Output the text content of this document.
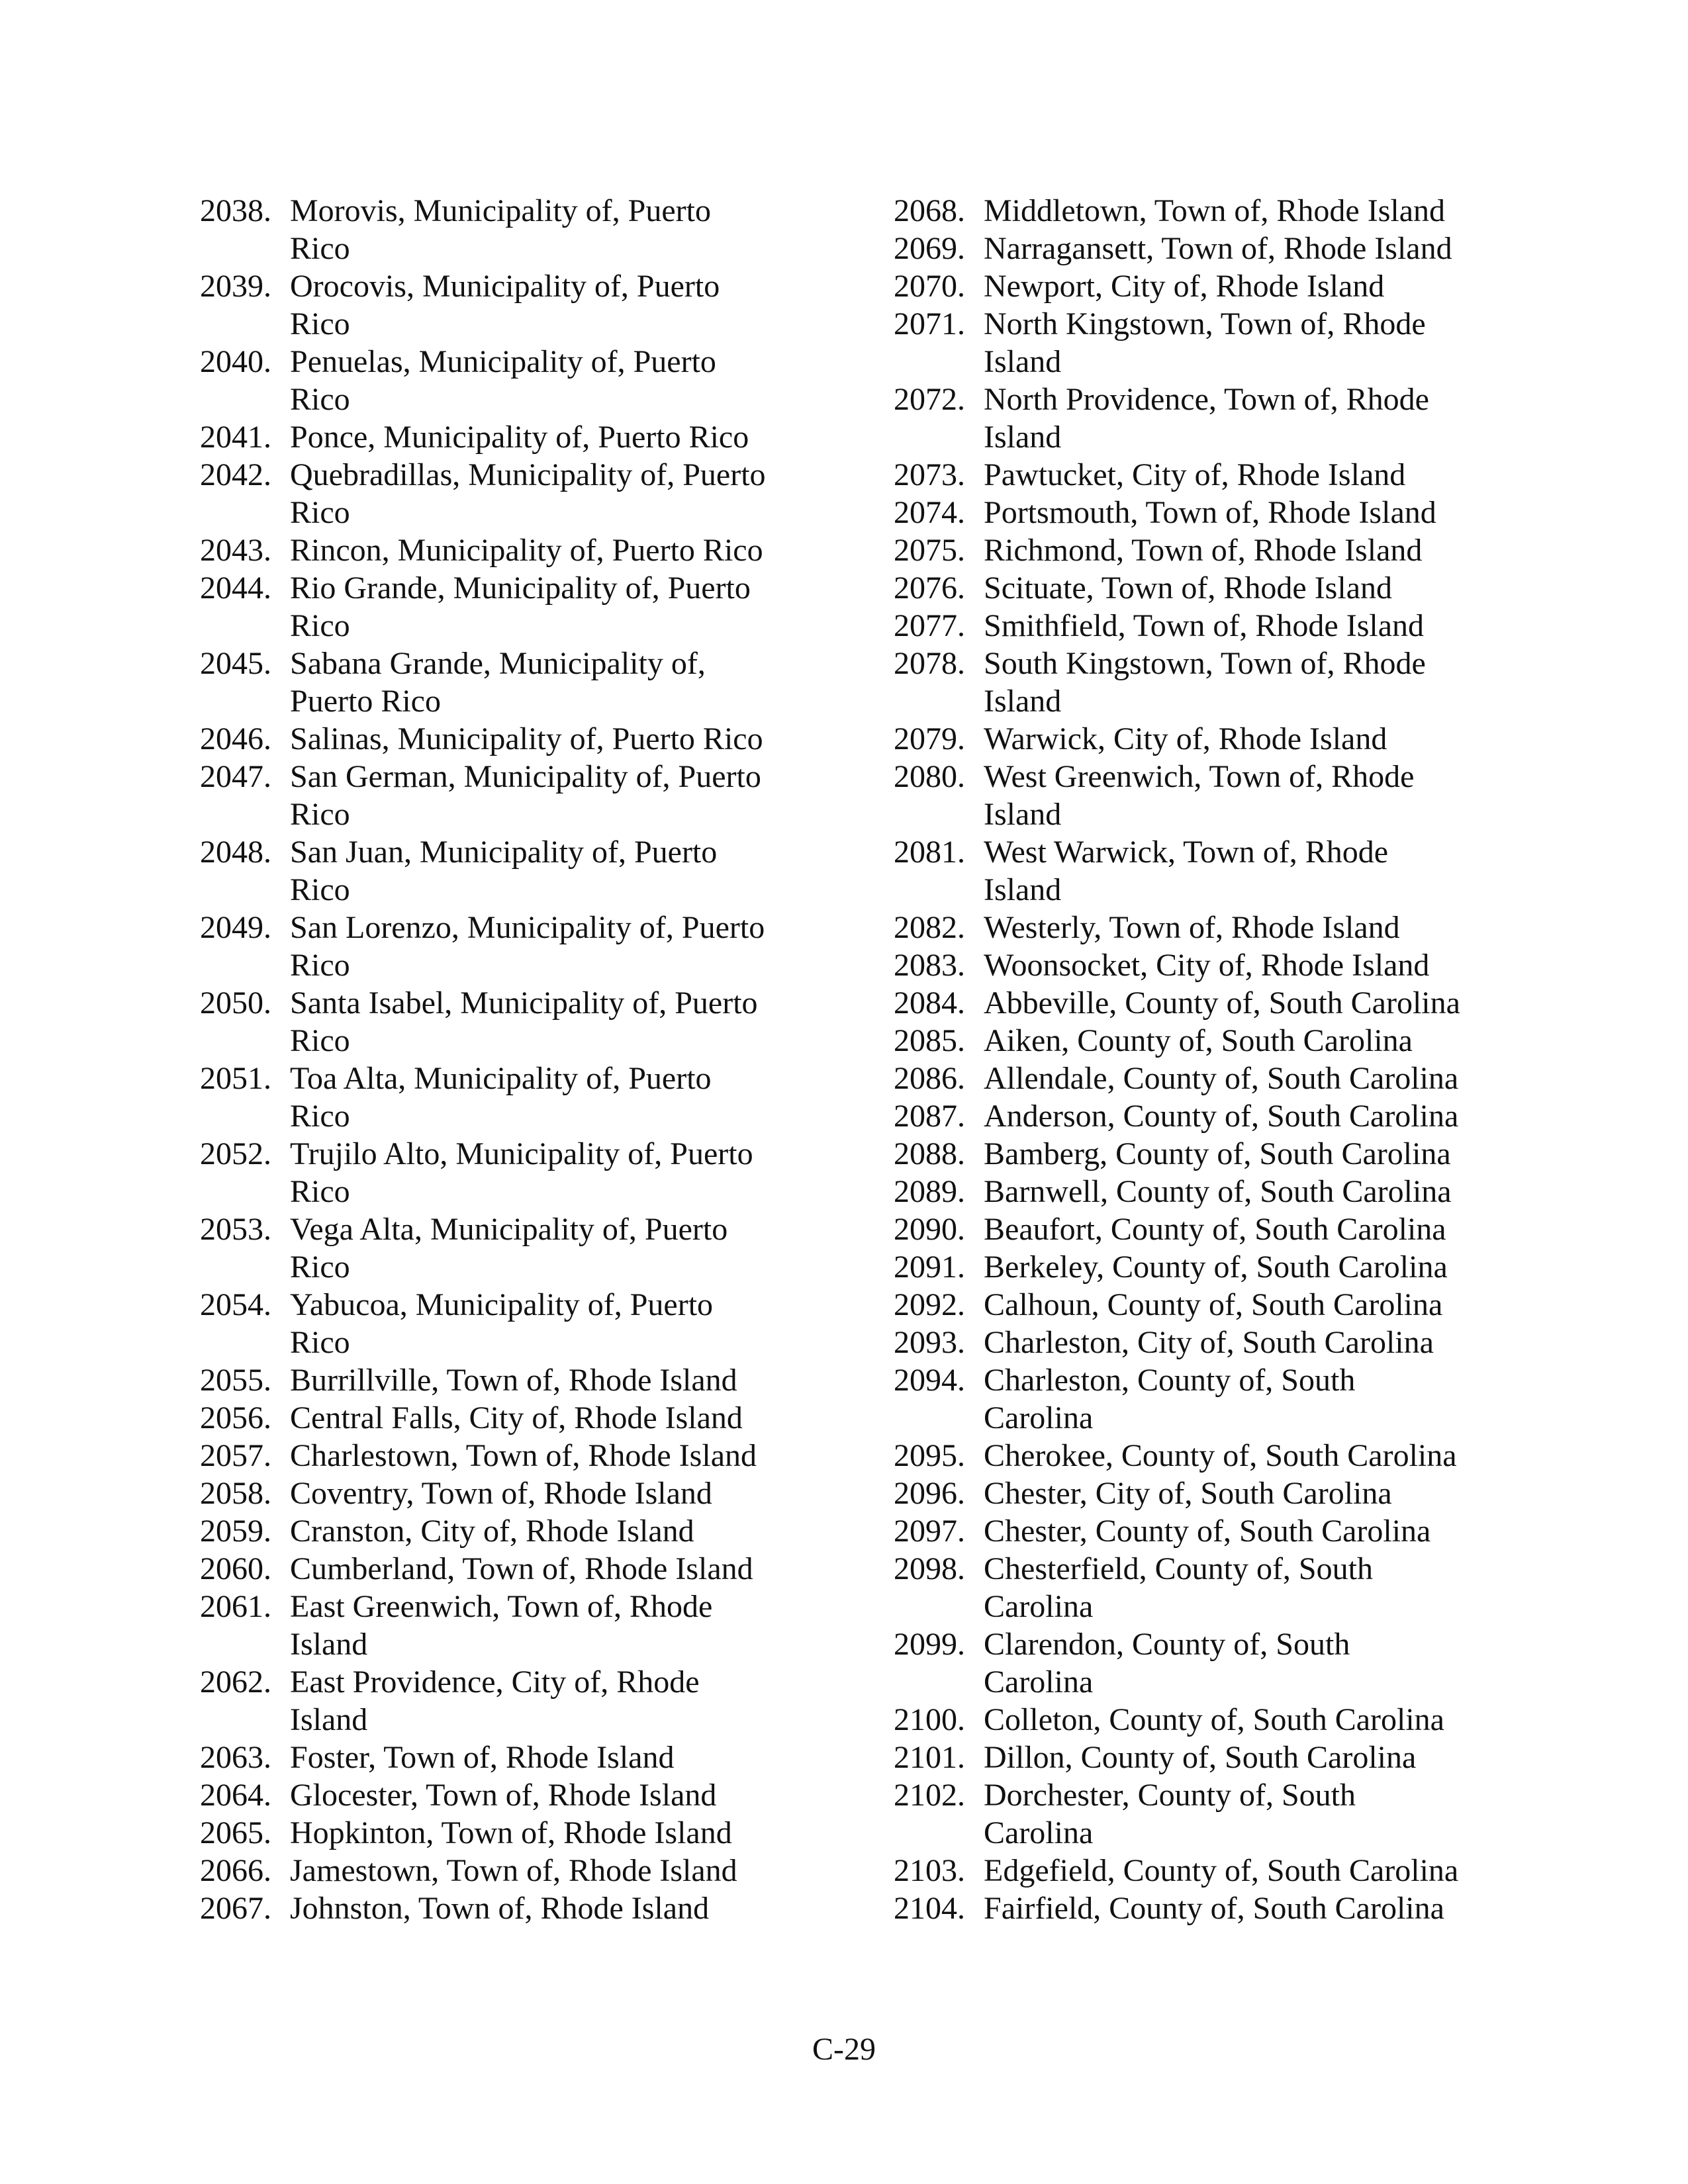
2038. Morovis, Municipality of, Puerto
Rico
2039. Orocovis, Municipality of, Puerto
Rico
2040. Penuelas, Municipality of, Puerto
Rico
2041. Ponce, Municipality of, Puerto Rico
2042. Quebradillas, Municipality of, Puerto
Rico
2043. Rincon, Municipality of, Puerto Rico
2044. Rio Grande, Municipality of, Puerto
Rico
2045. Sabana Grande, Municipality of,
Puerto Rico
2046. Salinas, Municipality of, Puerto Rico
2047. San German, Municipality of, Puerto
Rico
2048. San Juan, Municipality of, Puerto
Rico
2049. San Lorenzo, Municipality of, Puerto
Rico
2050. Santa Isabel, Municipality of, Puerto
Rico
2051. Toa Alta, Municipality of, Puerto
Rico
2052. Trujilo Alto, Municipality of, Puerto
Rico
2053. Vega Alta, Municipality of, Puerto
Rico
2054. Yabucoa, Municipality of, Puerto
Rico
2055. Burrillville, Town of, Rhode Island
2056. Central Falls, City of, Rhode Island
2057. Charlestown, Town of, Rhode Island
2058. Coventry, Town of, Rhode Island
2059. Cranston, City of, Rhode Island
2060. Cumberland, Town of, Rhode Island
2061. East Greenwich, Town of, Rhode
Island
2062. East Providence, City of, Rhode
Island
2063. Foster, Town of, Rhode Island
2064. Glocester, Town of, Rhode Island
2065. Hopkinton, Town of, Rhode Island
2066. Jamestown, Town of, Rhode Island
2067. Johnston, Town of, Rhode Island
2068. Middletown, Town of, Rhode Island
2069. Narragansett, Town of, Rhode Island
2070. Newport, City of, Rhode Island
2071. North Kingstown, Town of, Rhode
Island
2072. North Providence, Town of, Rhode
Island
2073. Pawtucket, City of, Rhode Island
2074. Portsmouth, Town of, Rhode Island
2075. Richmond, Town of, Rhode Island
2076. Scituate, Town of, Rhode Island
2077. Smithfield, Town of, Rhode Island
2078. South Kingstown, Town of, Rhode
Island
2079. Warwick, City of, Rhode Island
2080. West Greenwich, Town of, Rhode
Island
2081. West Warwick, Town of, Rhode
Island
2082. Westerly, Town of, Rhode Island
2083. Woonsocket, City of, Rhode Island
2084. Abbeville, County of, South Carolina
2085. Aiken, County of, South Carolina
2086. Allendale, County of, South Carolina
2087. Anderson, County of, South Carolina
2088. Bamberg, County of, South Carolina
2089. Barnwell, County of, South Carolina
2090. Beaufort, County of, South Carolina
2091. Berkeley, County of, South Carolina
2092. Calhoun, County of, South Carolina
2093. Charleston, City of, South Carolina
2094. Charleston, County of, South
Carolina
2095. Cherokee, County of, South Carolina
2096. Chester, City of, South Carolina
2097. Chester, County of, South Carolina
2098. Chesterfield, County of, South
Carolina
2099. Clarendon, County of, South
Carolina
2100. Colleton, County of, South Carolina
2101. Dillon, County of, South Carolina
2102. Dorchester, County of, South
Carolina
2103. Edgefield, County of, South Carolina
2104. Fairfield, County of, South Carolina
C-29
